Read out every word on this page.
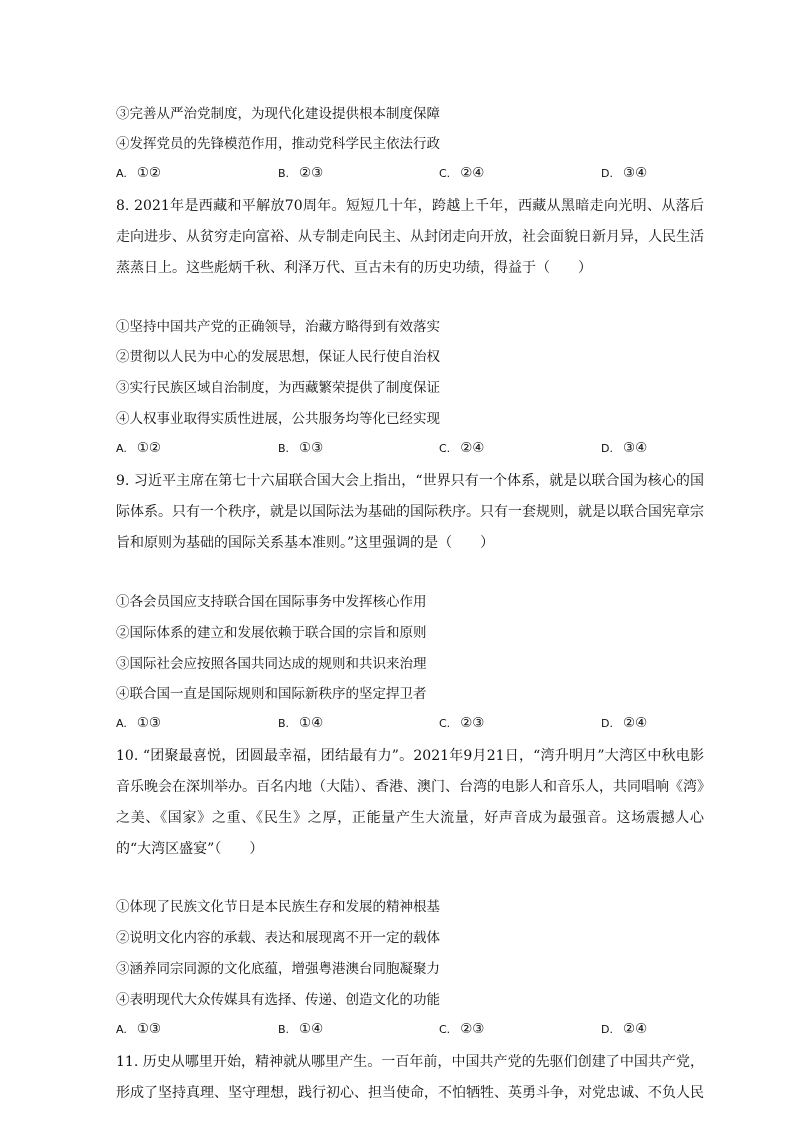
③完善从严治党制度，为现代化建设提供根本制度保障
④发挥党员的先锋模范作用，推动党科学民主依法行政
A. ①②	B. ②③	C. ②④	D. ③④
8. 2021年是西藏和平解放70周年。短短几十年，跨越上千年，西藏从黑暗走向光明、从落后走向进步、从贫穷走向富裕、从专制走向民主、从封闭走向开放，社会面貌日新月异，人民生活蒸蒸日上。这些彪炳千秋、利泽万代、亘古未有的历史功绩，得益于（　　）
①坚持中国共产党的正确领导，治藏方略得到有效落实
②贯彻以人民为中心的发展思想，保证人民行使自治权
③实行民族区域自治制度，为西藏繁荣提供了制度保证
④人权事业取得实质性进展，公共服务均等化已经实现
A. ①②	B. ①③	C. ②④	D. ③④
9. 习近平主席在第七十六届联合国大会上指出，“世界只有一个体系，就是以联合国为核心的国际体系。只有一个秩序，就是以国际法为基础的国际秩序。只有一套规则，就是以联合国宪章宗旨和原则为基础的国际关系基本准则。”这里强调的是（　　）
①各会员国应支持联合国在国际事务中发挥核心作用
②国际体系的建立和发展依赖于联合国的宗旨和原则
③国际社会应按照各国共同达成的规则和共识来治理
④联合国一直是国际规则和国际新秩序的坚定捍卫者
A. ①③	B. ①④	C. ②③	D. ②④
10. “团聚最喜悦，团圆最幸福，团结最有力”。2021年9月21日，“湾升明月”大湾区中秋电影音乐晚会在深圳举办。百名内地（大陆）、香港、澳门、台湾的电影人和音乐人，共同唱响《湾》之美、《国家》之重、《民生》之厚，正能量产生大流量，好声音成为最强音。这场震撼人心的“大湾区盛宴”（　　）
①体现了民族文化节日是本民族生存和发展的精神根基
②说明文化内容的承载、表达和展现离不开一定的载体
③涵养同宗同源的文化底蕴，增强粤港澳台同胞凝聚力
④表明现代大众传媒具有选择、传递、创造文化的功能
A. ①③	B. ①④	C. ②③	D. ②④
11. 历史从哪里开始，精神就从哪里产生。一百年前，中国共产党的先驱们创建了中国共产党，形成了坚持真理、坚守理想，践行初心、担当使命，不怕牺牲、英勇斗争，对党忠诚、不负人民
